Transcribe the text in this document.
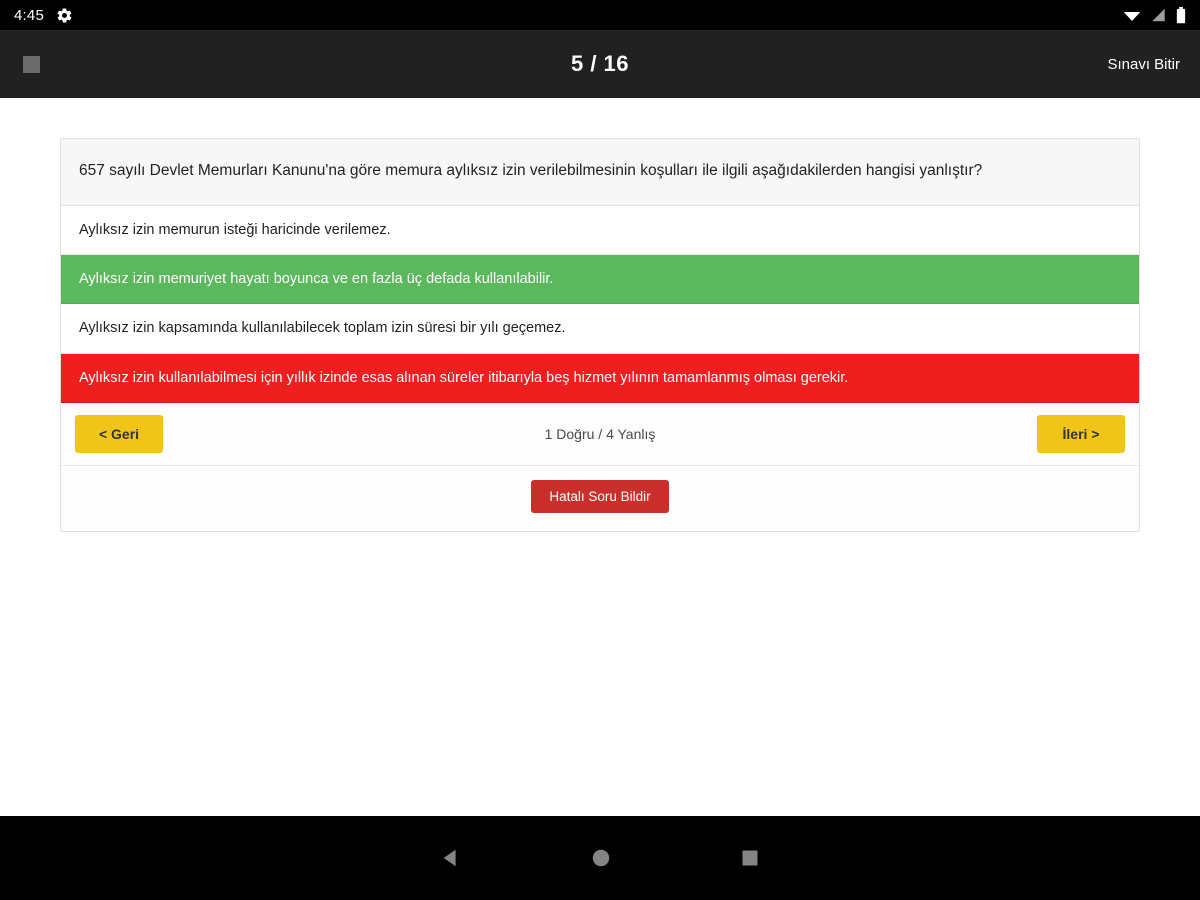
4:45
5 / 16	Sınavı Bitir
657 sayılı Devlet Memurları Kanunu'na göre memura aylıksız izin verilebilmesinin koşulları ile ilgili aşağıdakilerden hangisi yanlıştır?
Aylıksız izin memurun isteği haricinde verilemez.
Aylıksız izin memuriyet hayatı boyunca ve en fazla üç defada kullanılabilir.
Aylıksız izin kapsamında kullanılabilecek toplam izin süresi bir yılı geçemez.
Aylıksız izin kullanılabilmesi için yıllık izinde esas alınan süreler itibarıyla beş hizmet yılının tamamlanmış olması gerekir.
< Geri	1 Doğru / 4 Yanlış	İleri >
Hatalı Soru Bildir
